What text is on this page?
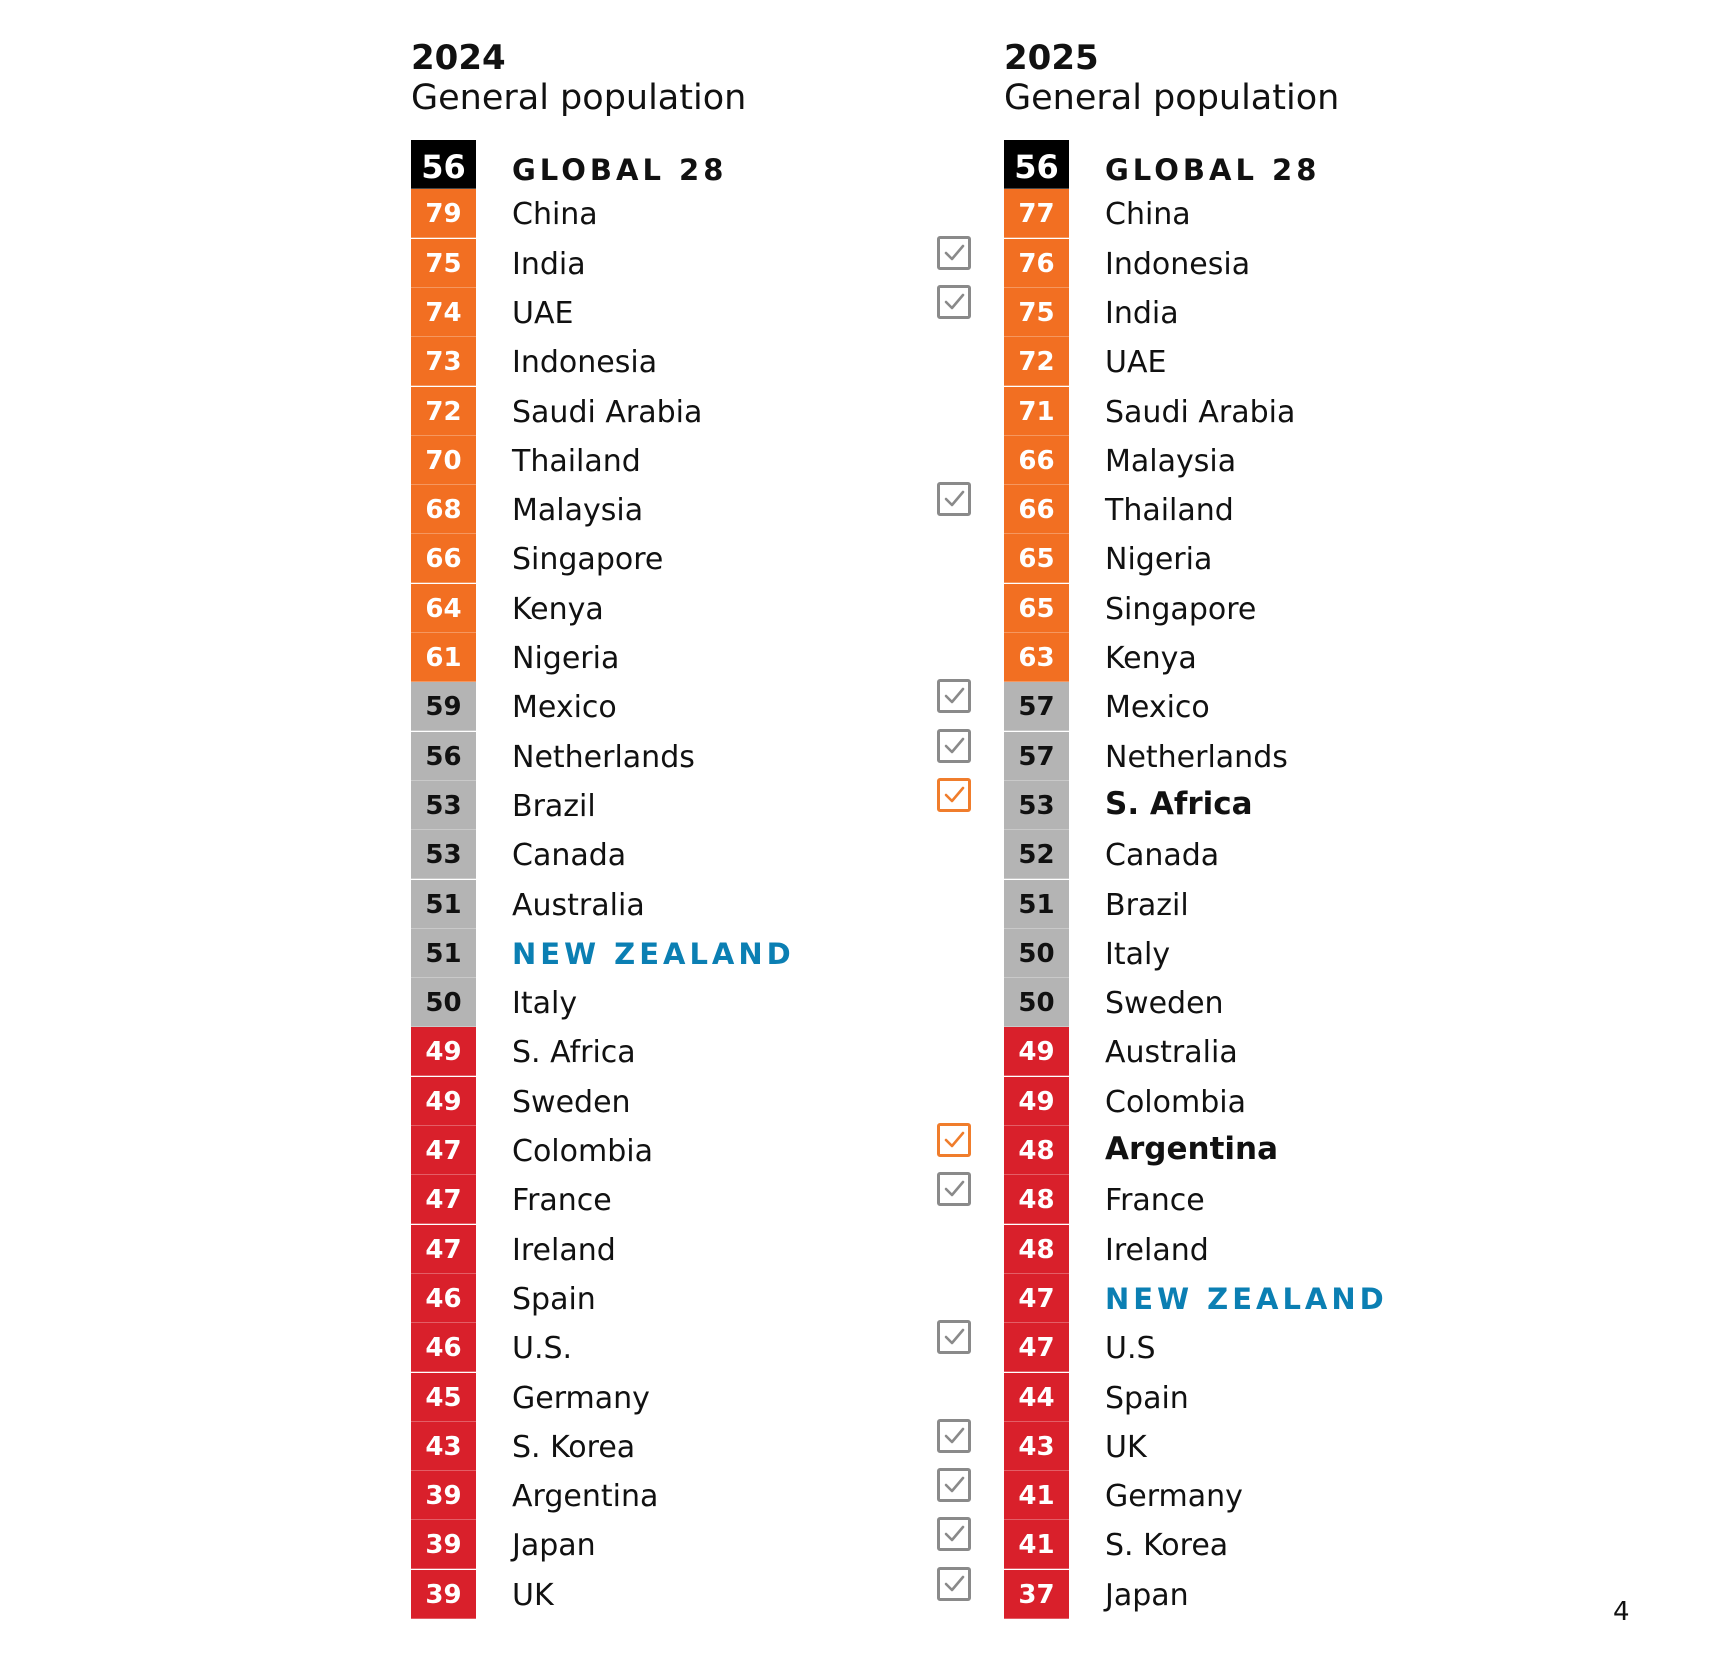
2024
General population
56	GLOBAL 28
79	China
75	India
74	UAE
73	Indonesia
72	Saudi Arabia
70	Thailand
68	Malaysia
66	Singapore
64	Kenya
61	Nigeria
59	Mexico
56	Netherlands
53	Brazil
53	Canada
51	Australia
51	NEW ZEALAND
50	Italy
49	S. Africa
49	Sweden
47	Colombia
47	France
47	Ireland
46	Spain
46	U.S.
45	Germany
43	S. Korea
39	Argentina
39	Japan
39	UK
2025
General population
56	GLOBAL 28
77	China
76	Indonesia
75	India
72	UAE
71	Saudi Arabia
66	Malaysia
66	Thailand
65	Nigeria
65	Singapore
63	Kenya
57	Mexico
57	Netherlands
53	S. Africa
52	Canada
51	Brazil
50	Italy
50	Sweden
49	Australia
49	Colombia
48	Argentina
48	France
48	Ireland
47	NEW ZEALAND
47	U.S
44	Spain
43	UK
41	Germany
41	S. Korea
37	Japan	4
